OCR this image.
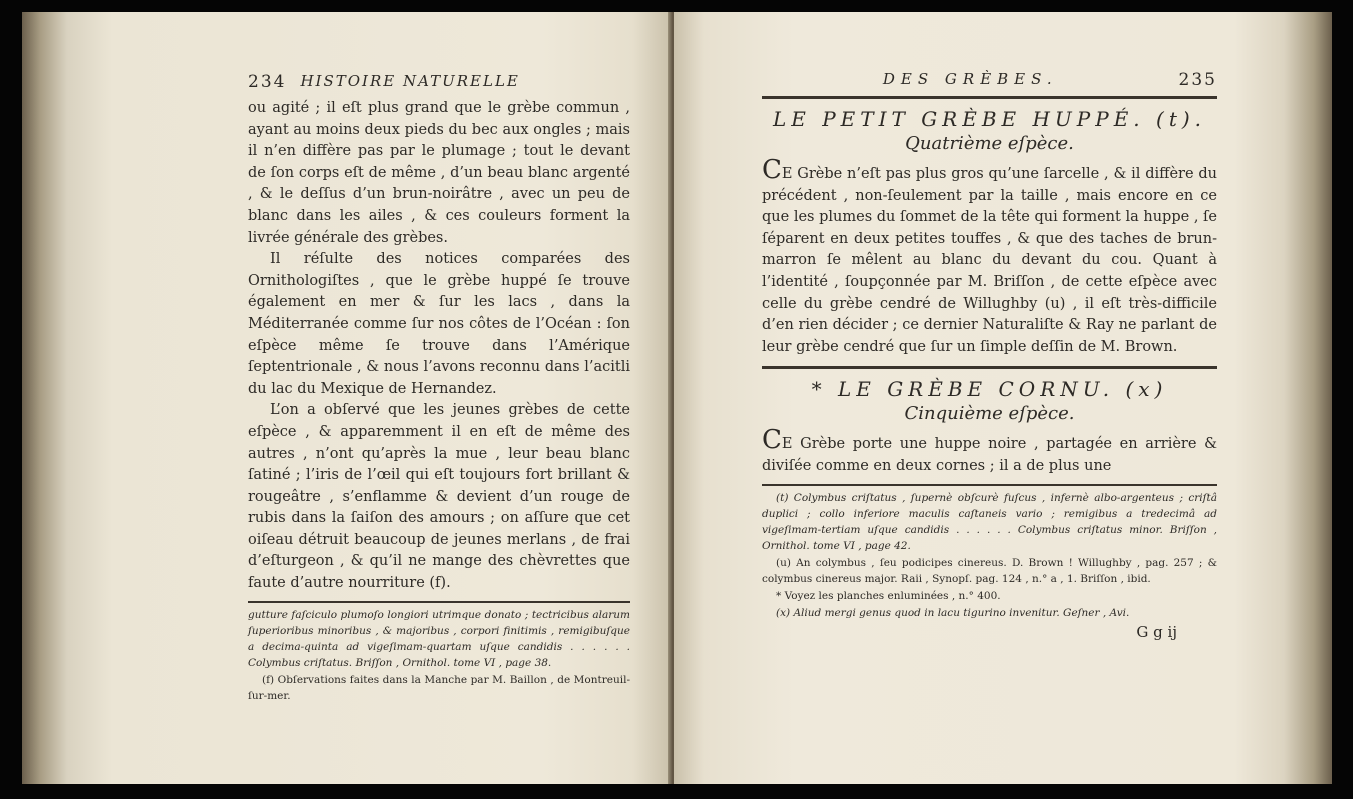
234 HISTOIRE NATURELLE

ou agité ; il eſt plus grand que le grèbe commun , ayant au moins deux pieds du bec aux ongles ; mais il n’en diffère pas par le plumage ; tout le devant de ſon corps eſt de même , d’un beau blanc argenté , & le deſſus d’un brun-noirâtre , avec un peu de blanc dans les ailes , & ces couleurs forment la livrée générale des grèbes.

Il réſulte des notices comparées des Ornithologiſtes , que le grèbe huppé ſe trouve également en mer & ſur les lacs , dans la Méditerranée comme ſur nos côtes de l’Océan : ſon eſpèce même ſe trouve dans l’Amérique ſeptentrionale , & nous l’avons reconnu dans l’acitli du lac du Mexique de Hernandez.

L’on a obſervé que les jeunes grèbes de cette eſpèce , & apparemment il en eſt de même des autres , n’ont qu’après la mue , leur beau blanc ſatiné ; l’iris de l’œil qui eſt toujours fort brillant & rougeâtre , s’enflamme & devient d’un rouge de rubis dans la ſaiſon des amours ; on aſſure que cet oiſeau détruit beaucoup de jeunes merlans , de frai d’eſturgeon , & qu’il ne mange des chèvrettes que faute d’autre nourriture (f).

gutture faſciculo plumoſo longiori utrimque donato ; tectricibus alarum ſuperioribus minoribus , & majoribus , corpori finitimis , remigibuſque a decima-quinta ad vigeſimam-quartam uſque candidis . . . . . . Colymbus criſtatus. Briſſon , Ornithol. tome VI , page 38.

(f) Obſervations faites dans la Manche par M. Baillon , de Montreuil-ſur-mer.

DES GRÈBES.	235
LE PETIT GRÈBE HUPPÉ. (t).
Quatrième eſpèce.

CE Grèbe n’eſt pas plus gros qu’une ſarcelle , & il diffère du précédent , non-ſeulement par la taille , mais encore en ce que les plumes du ſommet de la tête qui forment la huppe , ſe ſéparent en deux petites touffes , & que des taches de brun-marron ſe mêlent au blanc du devant du cou. Quant à l’identité , ſoupçonnée par M. Briſſon , de cette eſpèce avec celle du grèbe cendré de Willughby (u) , il eſt très-difficile d’en rien décider ; ce dernier Naturaliſte & Ray ne parlant de leur grèbe cendré que ſur un ſimple deſſin de M. Brown.

* LE GRÈBE CORNU. (x)
Cinquième eſpèce.

CE Grèbe porte une huppe noire , partagée en arrière & diviſée comme en deux cornes ; il a de plus une

(t) Colymbus criſtatus , ſupernè obſcurè fuſcus , infernè albo-argenteus ; criſtâ duplici ; collo inferiore maculis caſtaneis vario ; remigibus a tredecimâ ad vigeſimam-tertiam uſque candidis . . . . . . Colymbus criſtatus minor. Briſſon , Ornithol. tome VI , page 42.

(u) An colymbus , ſeu podicipes cinereus. D. Brown ! Willughby , pag. 257 ; & colymbus cinereus major. Raii , Synopſ. pag. 124 , n.° a , 1. Briſſon , ibid.

* Voyez les planches enluminées , n.° 400.

(x) Aliud mergi genus quod in lacu tigurino invenitur. Geſner , Avi.

G g ij
